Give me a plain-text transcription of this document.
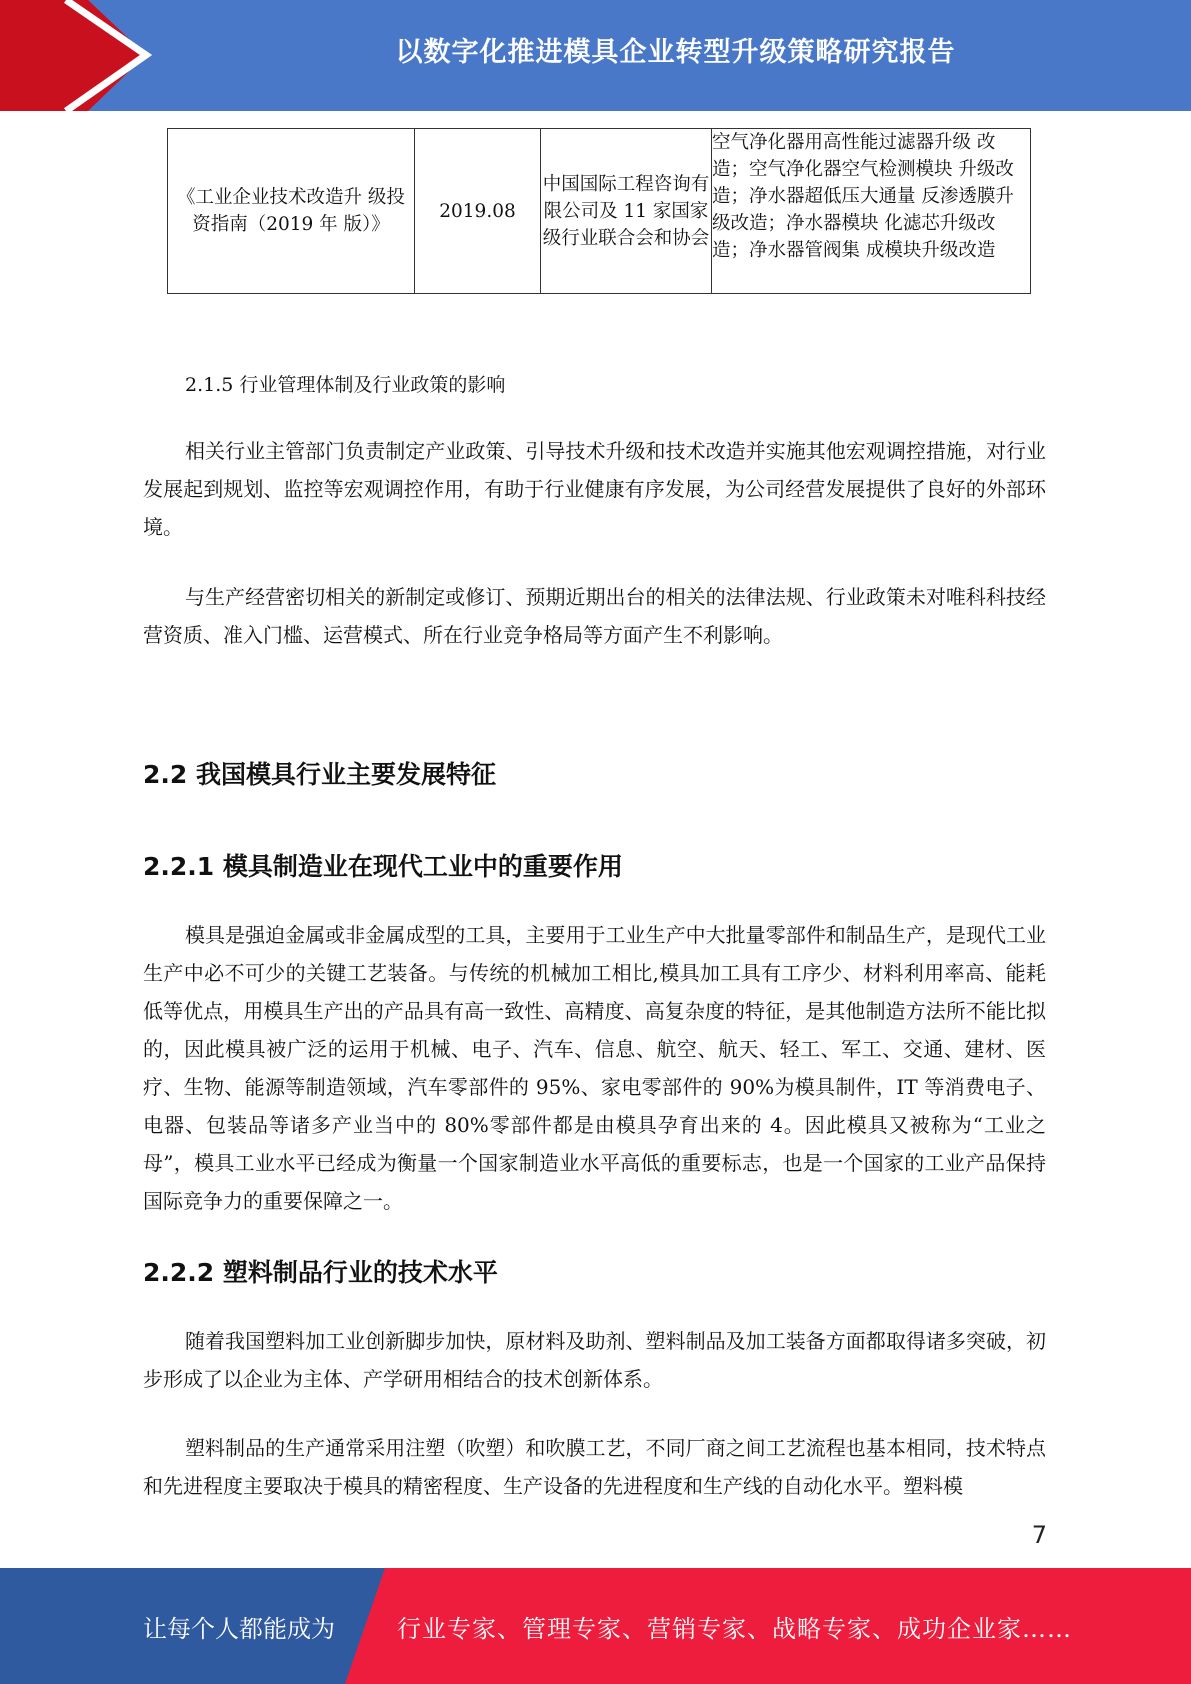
以数字化推进模具企业转型升级策略研究报告
《工业企业技术改造升 级投资指南（2019 年 版）》	2019.08	中国国际工程咨询有限公司及 11 家国家级行业联合会和协会	空气净化器用高性能过滤器升级 改造；空气净化器空气检测模块 升级改造；净水器超低压大通量 反渗透膜升级改造；净水器模块 化滤芯升级改造；净水器管阀集 成模块升级改造
2.1.5 行业管理体制及行业政策的影响

相关行业主管部门负责制定产业政策、引导技术升级和技术改造并实施其他宏观调控措施，对行业发展起到规划、监控等宏观调控作用，有助于行业健康有序发展，为公司经营发展提供了良好的外部环境。

与生产经营密切相关的新制定或修订、预期近期出台的相关的法律法规、行业政策未对唯科科技经营资质、准入门槛、运营模式、所在行业竞争格局等方面产生不利影响。

2.2 我国模具行业主要发展特征
2.2.1 模具制造业在现代工业中的重要作用

模具是强迫金属或非金属成型的工具，主要用于工业生产中大批量零部件和制品生产，是现代工业生产中必不可少的关键工艺装备。与传统的机械加工相比,模具加工具有工序少、材料利用率高、能耗低等优点，用模具生产出的产品具有高一致性、高精度、高复杂度的特征，是其他制造方法所不能比拟的，因此模具被广泛的运用于机械、电子、汽车、信息、航空、航天、轻工、军工、交通、建材、医疗、生物、能源等制造领域，汽车零部件的 95%、家电零部件的 90%为模具制件，IT 等消费电子、电器、包装品等诸多产业当中的 80%零部件都是由模具孕育出来的 4。因此模具又被称为“工业之母”，模具工业水平已经成为衡量一个国家制造业水平高低的重要标志，也是一个国家的工业产品保持国际竞争力的重要保障之一。

2.2.2 塑料制品行业的技术水平

随着我国塑料加工业创新脚步加快，原材料及助剂、塑料制品及加工装备方面都取得诸多突破，初步形成了以企业为主体、产学研用相结合的技术创新体系。

塑料制品的生产通常采用注塑（吹塑）和吹膜工艺，不同厂商之间工艺流程也基本相同，技术特点和先进程度主要取决于模具的精密程度、生产设备的先进程度和生产线的自动化水平。塑料模

7
让每个人都能成为	行业专家、管理专家、营销专家、战略专家、成功企业家……
